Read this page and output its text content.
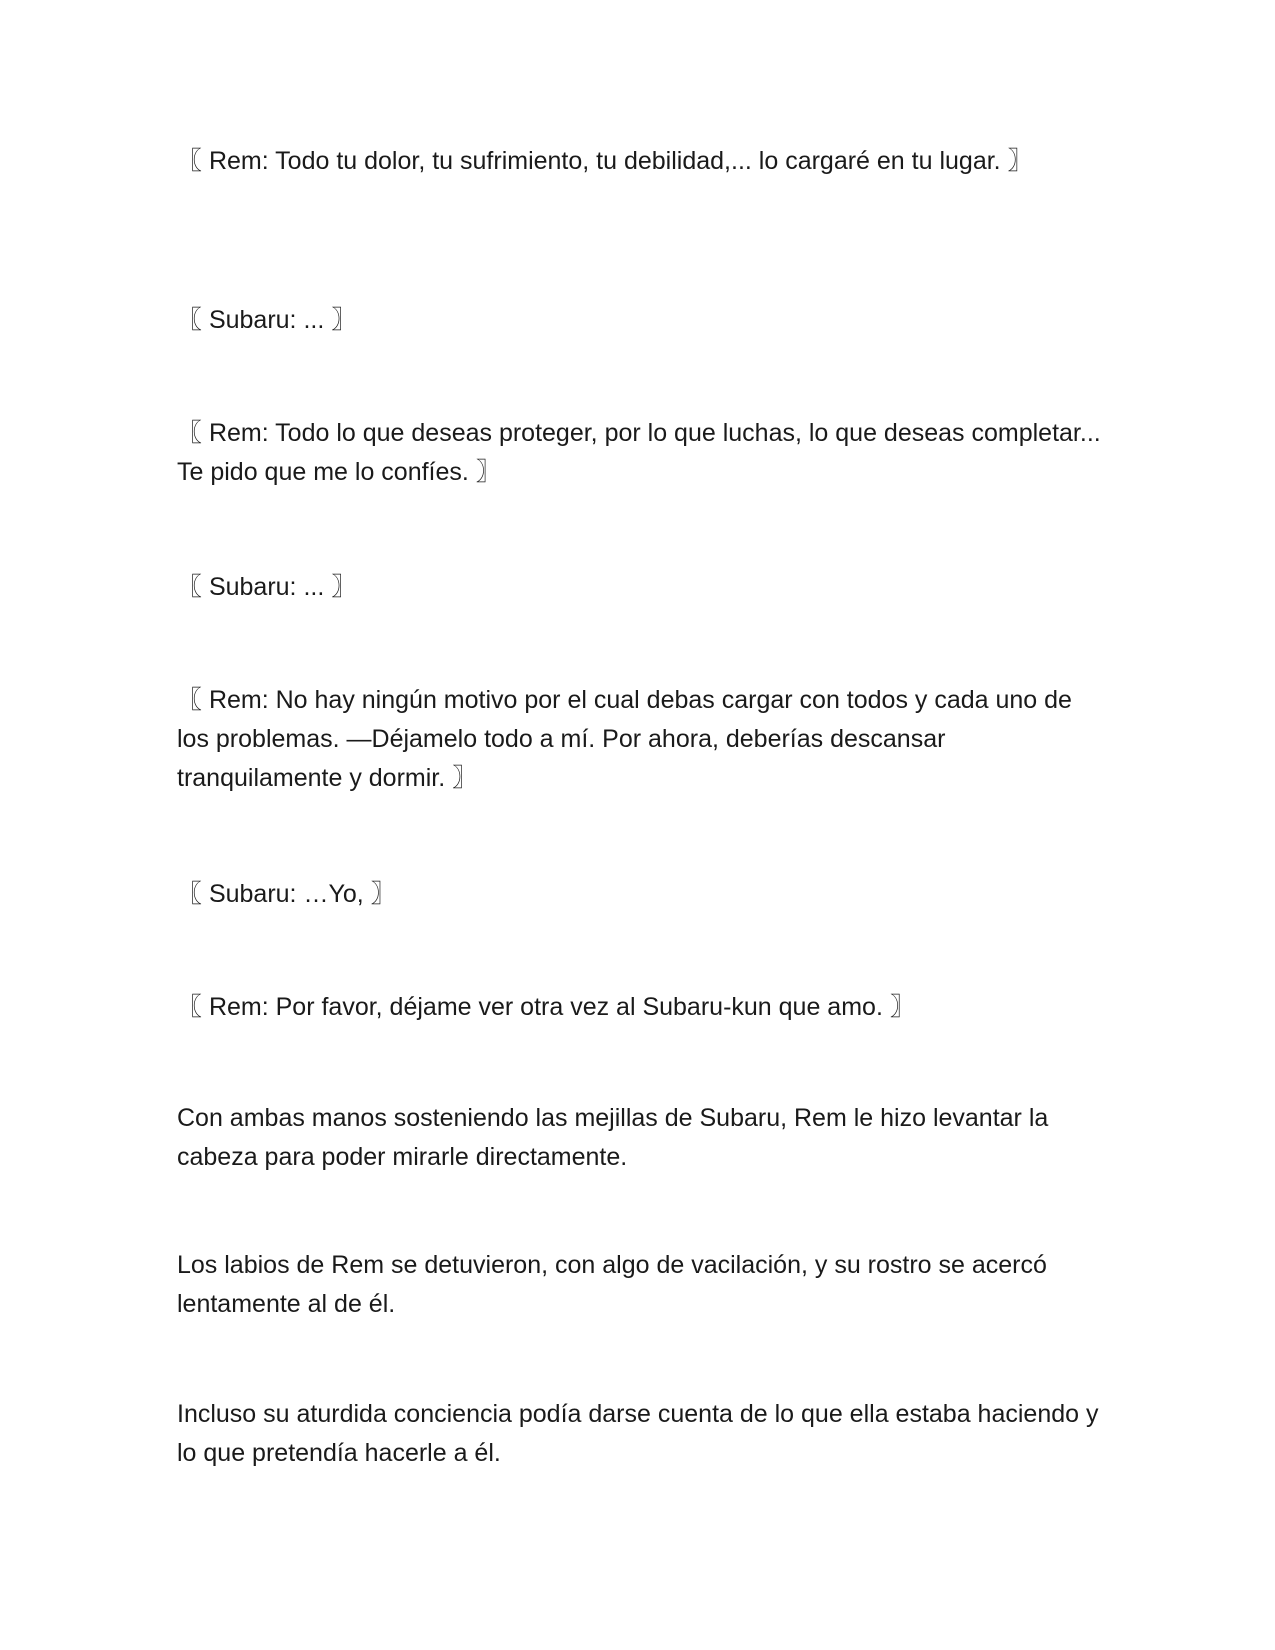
〖 Rem: Todo tu dolor, tu sufrimiento, tu debilidad,... lo cargaré en tu lugar. 〗

〖 Subaru: ... 〗

〖 Rem: Todo lo que deseas proteger, por lo que luchas, lo que deseas completar... Te pido que me lo confíes. 〗

〖 Subaru: ... 〗

〖 Rem: No hay ningún motivo por el cual debas cargar con todos y cada uno de los problemas. —Déjamelo todo a mí. Por ahora, deberías descansar tranquilamente y dormir. 〗

〖 Subaru: …Yo, 〗

〖 Rem: Por favor, déjame ver otra vez al Subaru-kun que amo. 〗

Con ambas manos sosteniendo las mejillas de Subaru, Rem le hizo levantar la cabeza para poder mirarle directamente.

Los labios de Rem se detuvieron, con algo de vacilación, y su rostro se acercó lentamente al de él.

Incluso su aturdida conciencia podía darse cuenta de lo que ella estaba haciendo y lo que pretendía hacerle a él.
